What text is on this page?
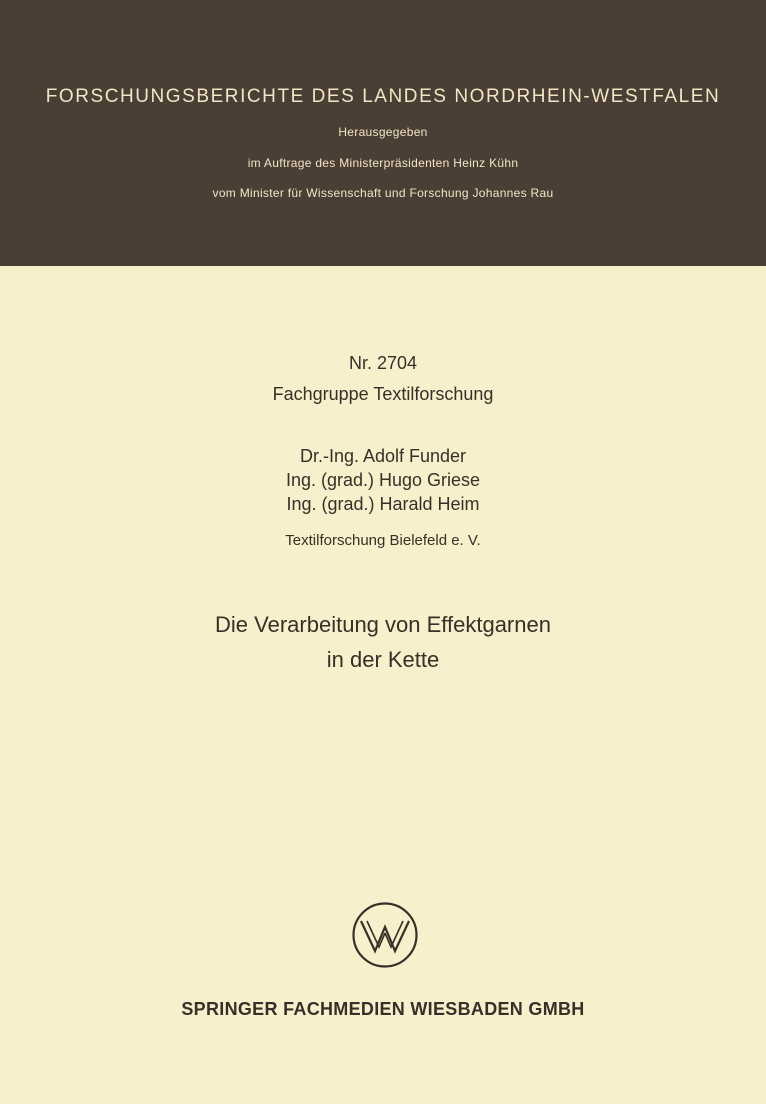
FORSCHUNGSBERICHTE DES LANDES NORDRHEIN-WESTFALEN
Herausgegeben
im Auftrage des Ministerpräsidenten Heinz Kühn
vom Minister für Wissenschaft und Forschung Johannes Rau
Nr. 2704
Fachgruppe Textilforschung
Dr.-Ing. Adolf Funder
Ing. (grad.) Hugo Griese
Ing. (grad.) Harald Heim
Textilforschung Bielefeld e. V.
Die Verarbeitung von Effektgarnen
in der Kette
SPRINGER FACHMEDIEN WIESBADEN GMBH
